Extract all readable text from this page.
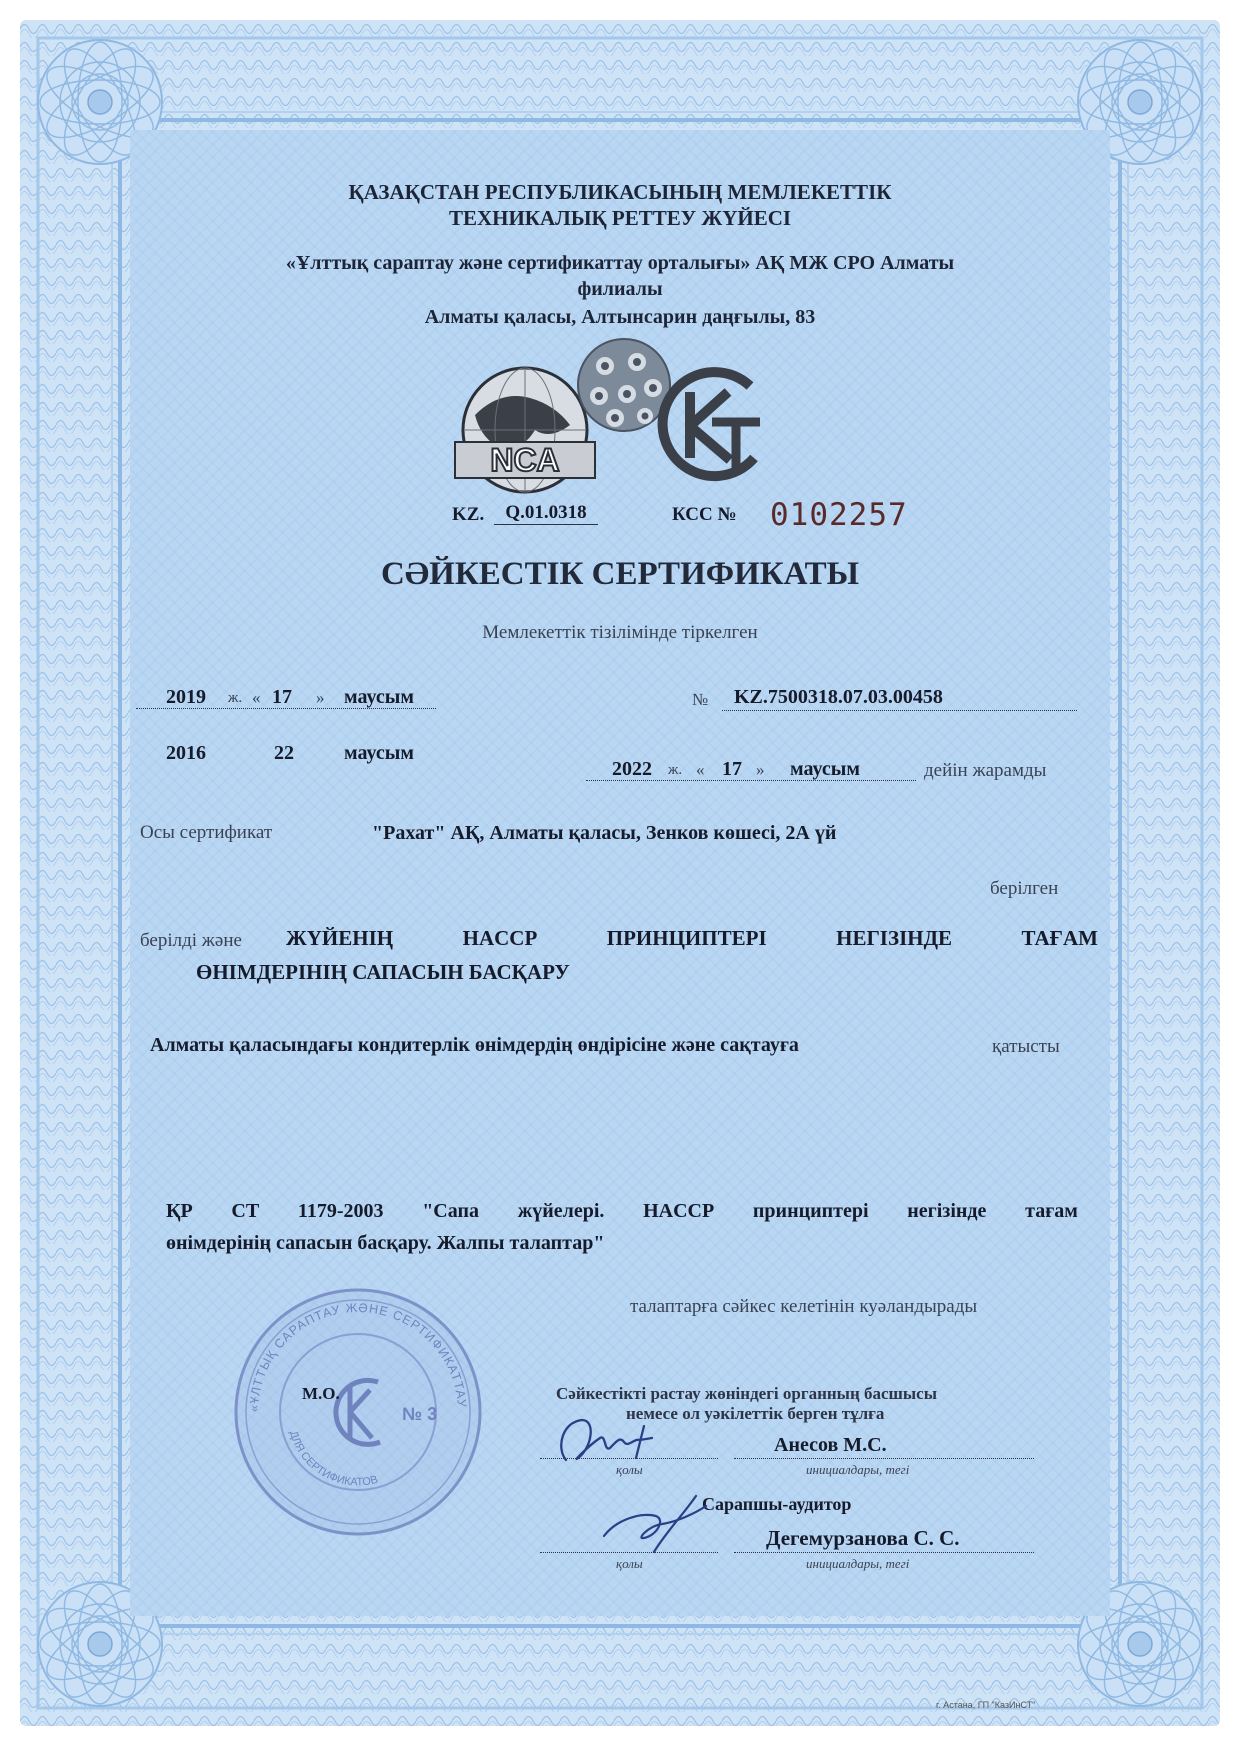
ҚАЗАҚСТАН РЕСПУБЛИКАСЫНЫҢ МЕМЛЕКЕТТІК
ТЕХНИКАЛЫҚ РЕТТЕУ ЖҮЙЕСІ
«Ұлттық сараптау және сертификаттау орталығы» АҚ МЖ СРО Алматы
филиалы
Алматы қаласы, Алтынсарин даңғылы, 83
NCA
KZ.	Q.01.0318	КСС № 0102257
СӘЙКЕСТІК СЕРТИФИКАТЫ
Мемлекеттік тізілімінде тіркелген
2019 ж. « 17 » маусым	№ KZ.7500318.07.03.00458
2016	22	маусым
2022 ж. « 17 » маусым	дейін жарамды
Осы сертификат	"Рахат" АҚ, Алматы қаласы, Зенков көшесі, 2А үй
берілген
берілді және ЖҮЙЕНІҢ	HACCP	ПРИНЦИПТЕРІ	НЕГІЗІНДЕ	ТАҒАМ
ӨНІМДЕРІНІҢ САПАСЫН БАСҚАРУ
Алматы қаласындағы кондитерлік өнімдердің өндірісіне және сақтауға	қатысты
ҚР СТ 1179-2003 "Сапа жүйелері. HACCP принциптері негізінде тағам
өнімдерінің сапасын басқару. Жалпы талаптар"
талаптарға сәйкес келетінін куәландырады
«ҰЛТТЫҚ САРАПТАУ ЖӘНЕ СЕРТИФИКАТТАУ
ДЛЯ СЕРТИФИКАТОВ
№ 3
М.О.	Сәйкестікті растау жөніндегі органның басшысы
немесе ол уәкілеттік берген тұлға
Анесов М.С.
қолы	инициалдары, тегі
Сарапшы-аудитор
Дегемурзанова С. С.
қолы	инициалдары, тегі
г. Астана, ГП "КазИнСТ"
